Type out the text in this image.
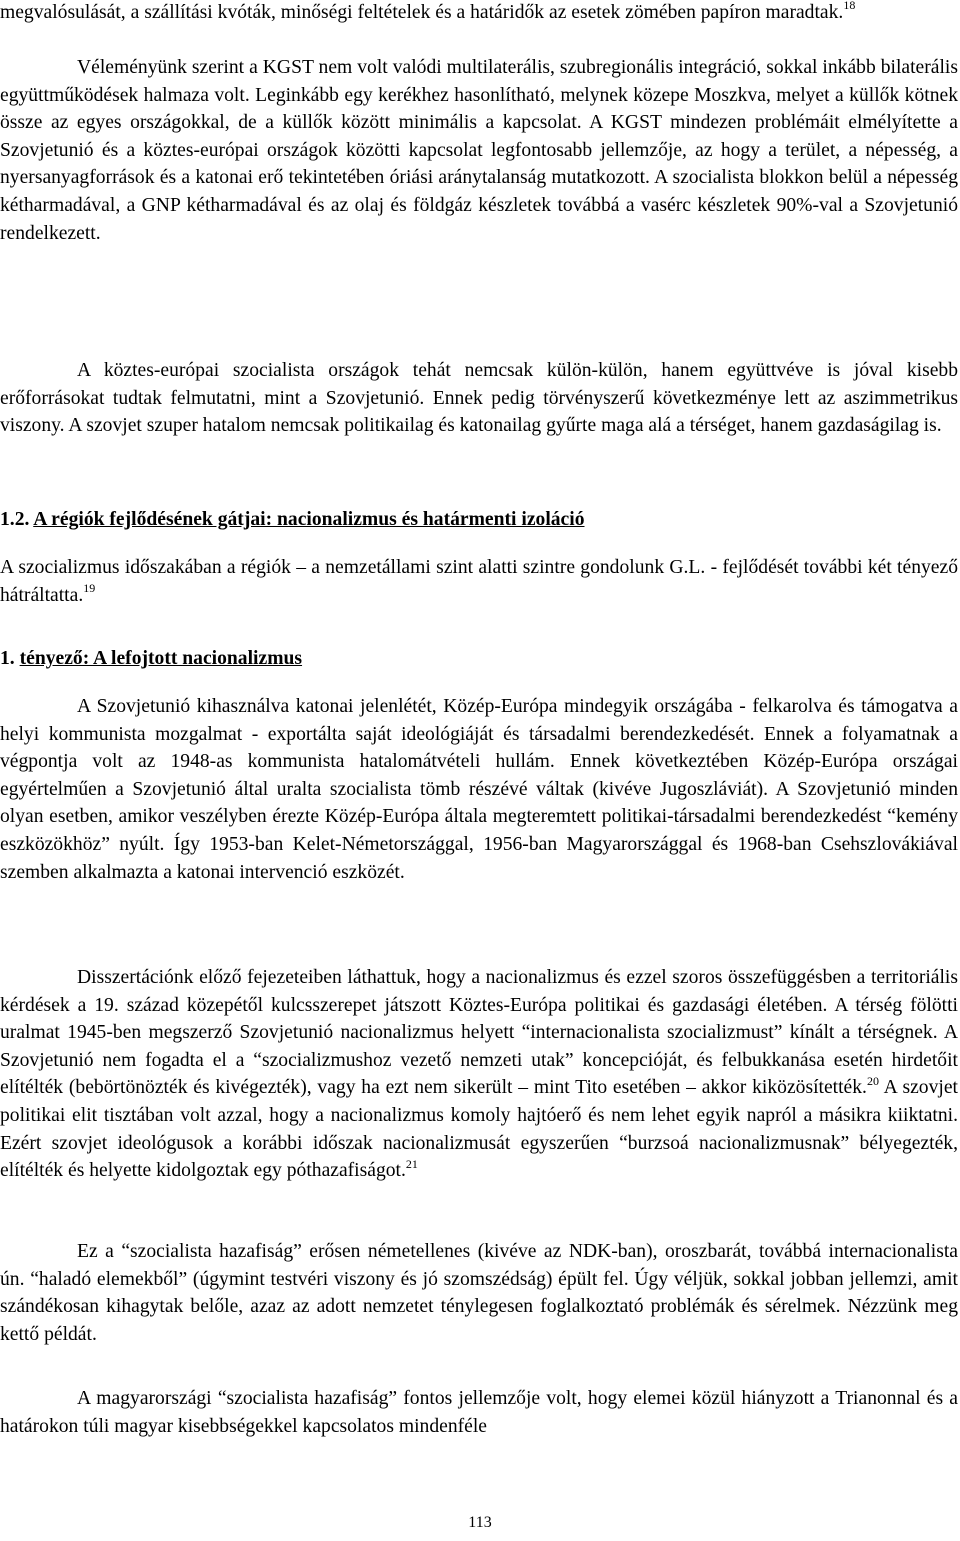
megvalósulását, a szállítási kvóták, minőségi feltételek és a határidők az esetek zömében papíron maradtak.$^{18}$

Véleményünk szerint a KGST nem volt valódi multilaterális, szubregionális integráció, sokkal inkább bilaterális együttműködések halmaza volt. Leginkább egy kerékhez hasonlítható, melynek közepe Moszkva, melyet a küllők kötnek össze az egyes országokkal, de a küllők között minimális a kapcsolat. A KGST mindezen problémáit elmélyítette a Szovjetunió és a köztes-európai országok közötti kapcsolat legfontosabb jellemzője, az hogy a terület, a népesség, a nyersanyagforrások és a katonai erő tekintetében óriási aránytalanság mutatkozott. A szocialista blokkon belül a népesség kétharmadával, a GNP kétharmadával és az olaj és földgáz készletek továbbá a vasérc készletek 90%-val a Szovjetunió rendelkezett.

A köztes-európai szocialista országok tehát nemcsak külön-külön, hanem együttvéve is jóval kisebb erőforrásokat tudtak felmutatni, mint a Szovjetunió. Ennek pedig törvényszerű következménye lett az aszimmetrikus viszony. A szovjet szuper hatalom nemcsak politikailag és katonailag gyűrte maga alá a térséget, hanem gazdaságilag is.

1.2. A régiók fejlődésének gátjai: nacionalizmus és határmenti izoláció

A szocializmus időszakában a régiók – a nemzetállami szint alatti szintre gondolunk G.L. - fejlődését további két tényező hátráltatta.$^{19}$

1. tényező: A lefojtott nacionalizmus

A Szovjetunió kihasználva katonai jelenlétét, Közép-Európa mindegyik országába - felkarolva és támogatva a helyi kommunista mozgalmat - exportálta saját ideológiáját és társadalmi berendezkedését. Ennek a folyamatnak a végpontja volt az 1948-as kommunista hatalomátvételi hullám. Ennek következtében Közép-Európa országai egyértelműen a Szovjetunió által uralta szocialista tömb részévé váltak (kivéve Jugoszláviát). A Szovjetunió minden olyan esetben, amikor veszélyben érezte Közép-Európa általa megteremtett politikai-társadalmi berendezkedést “kemény eszközökhöz” nyúlt. Így 1953-ban Kelet-Németországgal, 1956-ban Magyarországgal és 1968-ban Csehszlovákiával szemben alkalmazta a katonai intervenció eszközét.

Disszertációnk előző fejezeteiben láthattuk, hogy a nacionalizmus és ezzel szoros összefüggésben a territoriális kérdések a 19. század közepétől kulcsszerepet játszott Köztes-Európa politikai és gazdasági életében. A térség fölötti uralmat 1945-ben megszerző Szovjetunió nacionalizmus helyett “internacionalista szocializmust” kínált a térségnek. A Szovjetunió nem fogadta el a “szocializmushoz vezető nemzeti utak” koncepcióját, és felbukkanása esetén hirdetőit elítélték (bebörtönözték és kivégezték), vagy ha ezt nem sikerült – mint Tito esetében – akkor kiközösítették.$^{20}$ A szovjet politikai elit tisztában volt azzal, hogy a nacionalizmus komoly hajtóerő és nem lehet egyik napról a másikra kiiktatni. Ezért szovjet ideológusok a korábbi időszak nacionalizmusát egyszerűen “burzsoá nacionalizmusnak” bélyegezték, elítélték és helyette kidolgoztak egy póthazafiságot.$^{21}$

Ez a “szocialista hazafiság” erősen németellenes (kivéve az NDK-ban), oroszbarát, továbbá internacionalista ún. “haladó elemekből” (úgymint testvéri viszony és jó szomszédság) épült fel. Úgy véljük, sokkal jobban jellemzi, amit szándékosan kihagytak belőle, azaz az adott nemzetet ténylegesen foglalkoztató problémák és sérelmek. Nézzünk meg kettő példát.

A magyarországi “szocialista hazafiság” fontos jellemzője volt, hogy elemei közül hiányzott a Trianonnal és a határokon túli magyar kisebbségekkel kapcsolatos mindenféle

113
